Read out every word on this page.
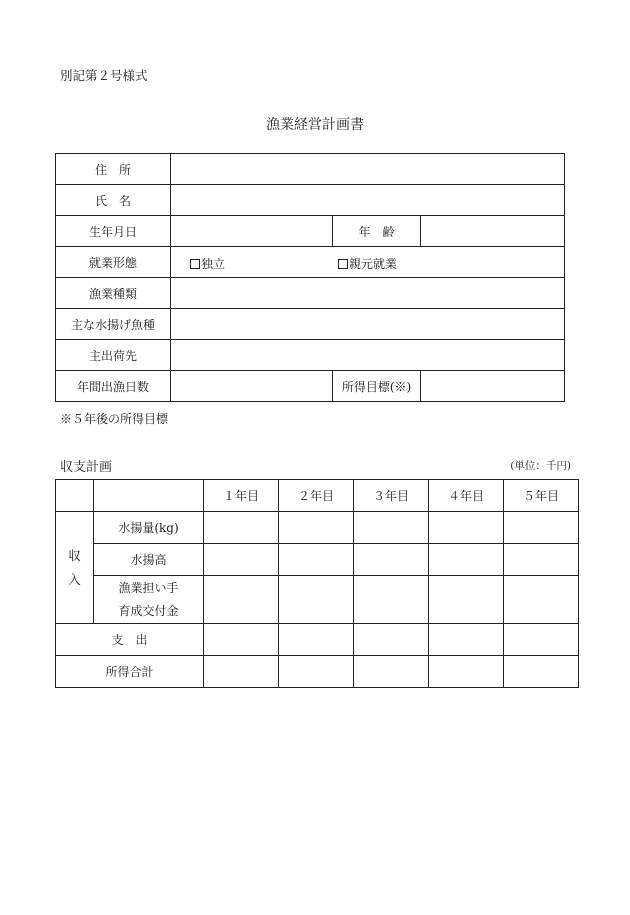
別記第２号様式
漁業経営計画書
住　所			
氏　名			
生年月日		年　齢	
就業形態	独立 親元就業		

漁業種類			
主な水揚げ魚種			
主出荷先			
年間出漁日数		所得目標(※)	
※５年後の所得目標
収支計画	(単位：千円)
		１年目	２年目	３年目	４年目	５年目

収入	水揚量(kg)					
	水揚高					

	漁業担い手
育成交付金					

支　出						
所得合計						
